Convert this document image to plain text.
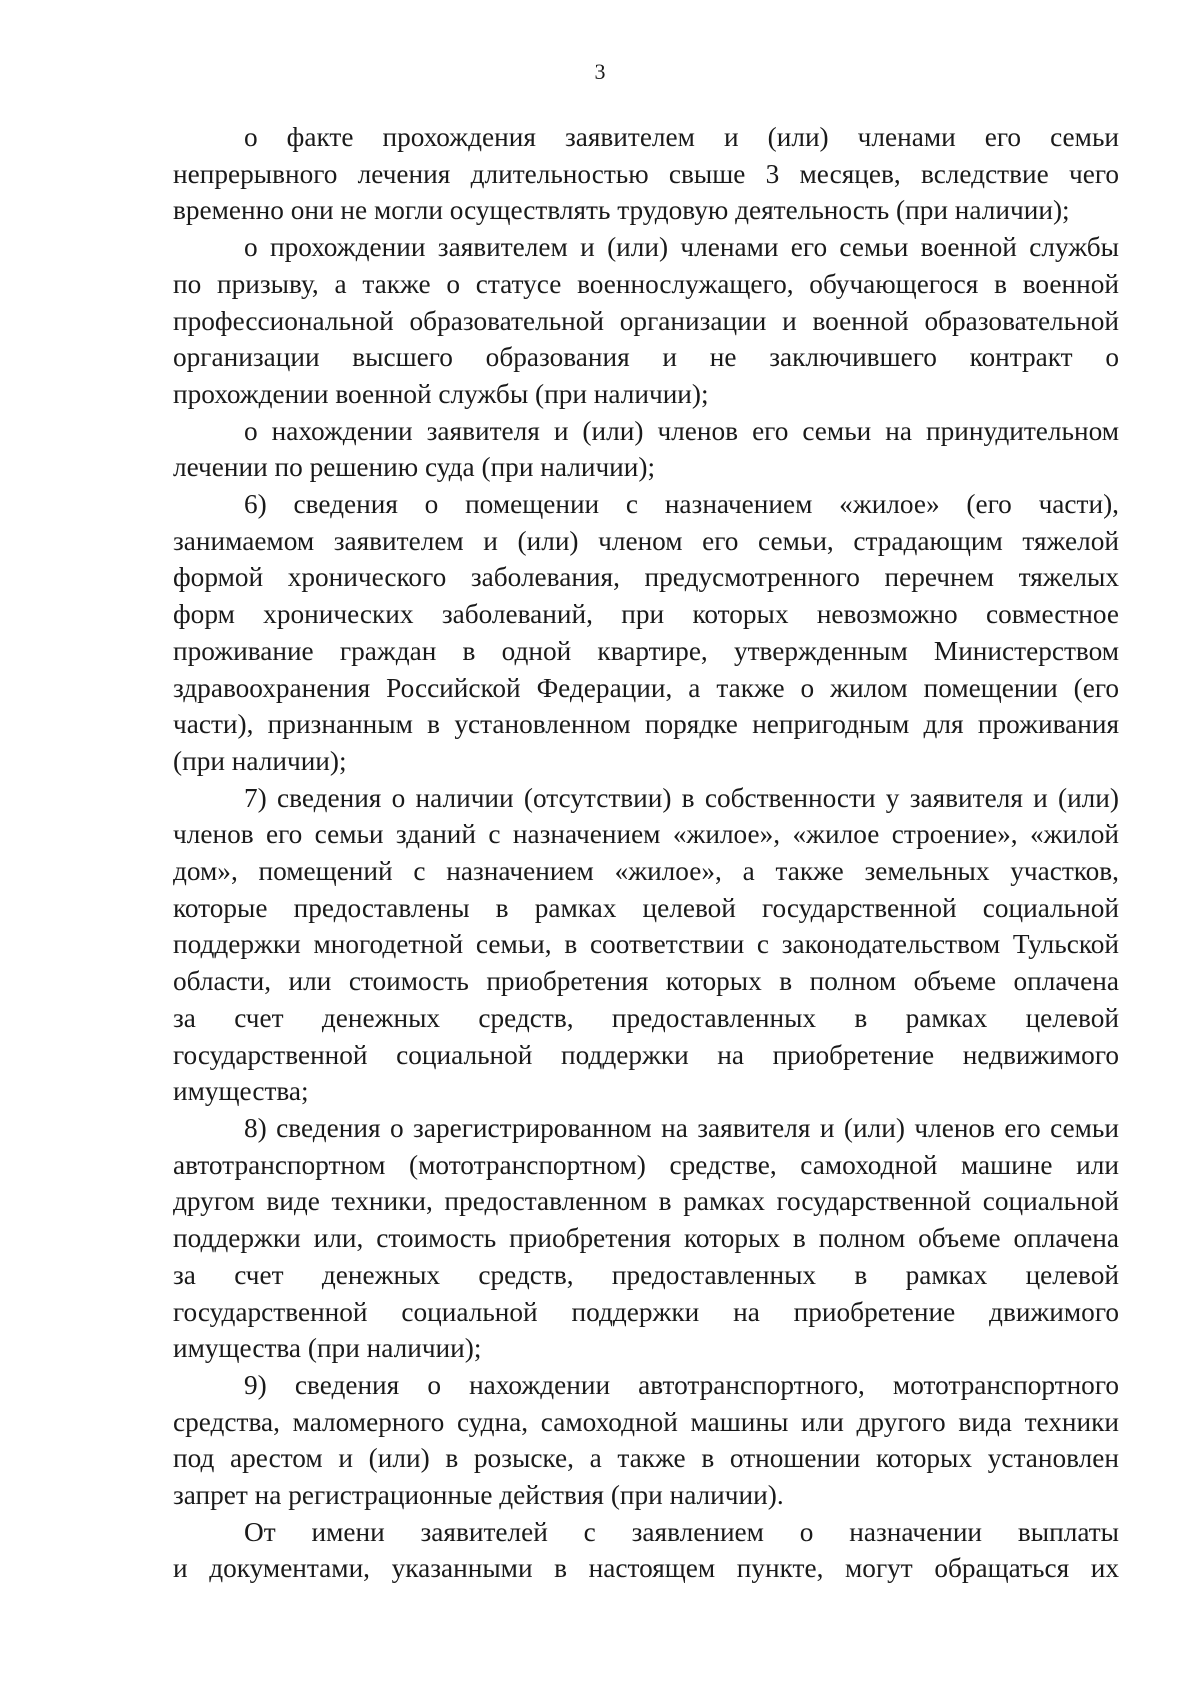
3
о факте прохождения заявителем и (или) членами его семьи
непрерывного лечения длительностью свыше 3 месяцев, вследствие чего
временно они не могли осуществлять трудовую деятельность (при наличии);
о прохождении заявителем и (или) членами его семьи военной службы
по призыву, а также о статусе военнослужащего, обучающегося в военной
профессиональной образовательной организации и военной образовательной
организации высшего образования и не заключившего контракт о
прохождении военной службы (при наличии);
о нахождении заявителя и (или) членов его семьи на принудительном
лечении по решению суда (при наличии);
6) сведения о помещении с назначением «жилое» (его части),
занимаемом заявителем и (или) членом его семьи, страдающим тяжелой
формой хронического заболевания, предусмотренного перечнем тяжелых
форм хронических заболеваний, при которых невозможно совместное
проживание граждан в одной квартире, утвержденным Министерством
здравоохранения Российской Федерации, а также о жилом помещении (его
части), признанным в установленном порядке непригодным для проживания
(при наличии);
7) сведения о наличии (отсутствии) в собственности у заявителя и (или)
членов его семьи зданий с назначением «жилое», «жилое строение», «жилой
дом», помещений с назначением «жилое», а также земельных участков,
которые предоставлены в рамках целевой государственной социальной
поддержки многодетной семьи, в соответствии с законодательством Тульской
области, или стоимость приобретения которых в полном объеме оплачена
за счет денежных средств, предоставленных в рамках целевой
государственной социальной поддержки на приобретение недвижимого
имущества;
8) сведения о зарегистрированном на заявителя и (или) членов его семьи
автотранспортном (мототранспортном) средстве, самоходной машине или
другом виде техники, предоставленном в рамках государственной социальной
поддержки или, стоимость приобретения которых в полном объеме оплачена
за счет денежных средств, предоставленных в рамках целевой
государственной социальной поддержки на приобретение движимого
имущества (при наличии);
9) сведения о нахождении автотранспортного, мототранспортного
средства, маломерного судна, самоходной машины или другого вида техники
под арестом и (или) в розыске, а также в отношении которых установлен
запрет на регистрационные действия (при наличии).
От имени заявителей с заявлением о назначении выплаты
и документами, указанными в настоящем пункте, могут обращаться их
